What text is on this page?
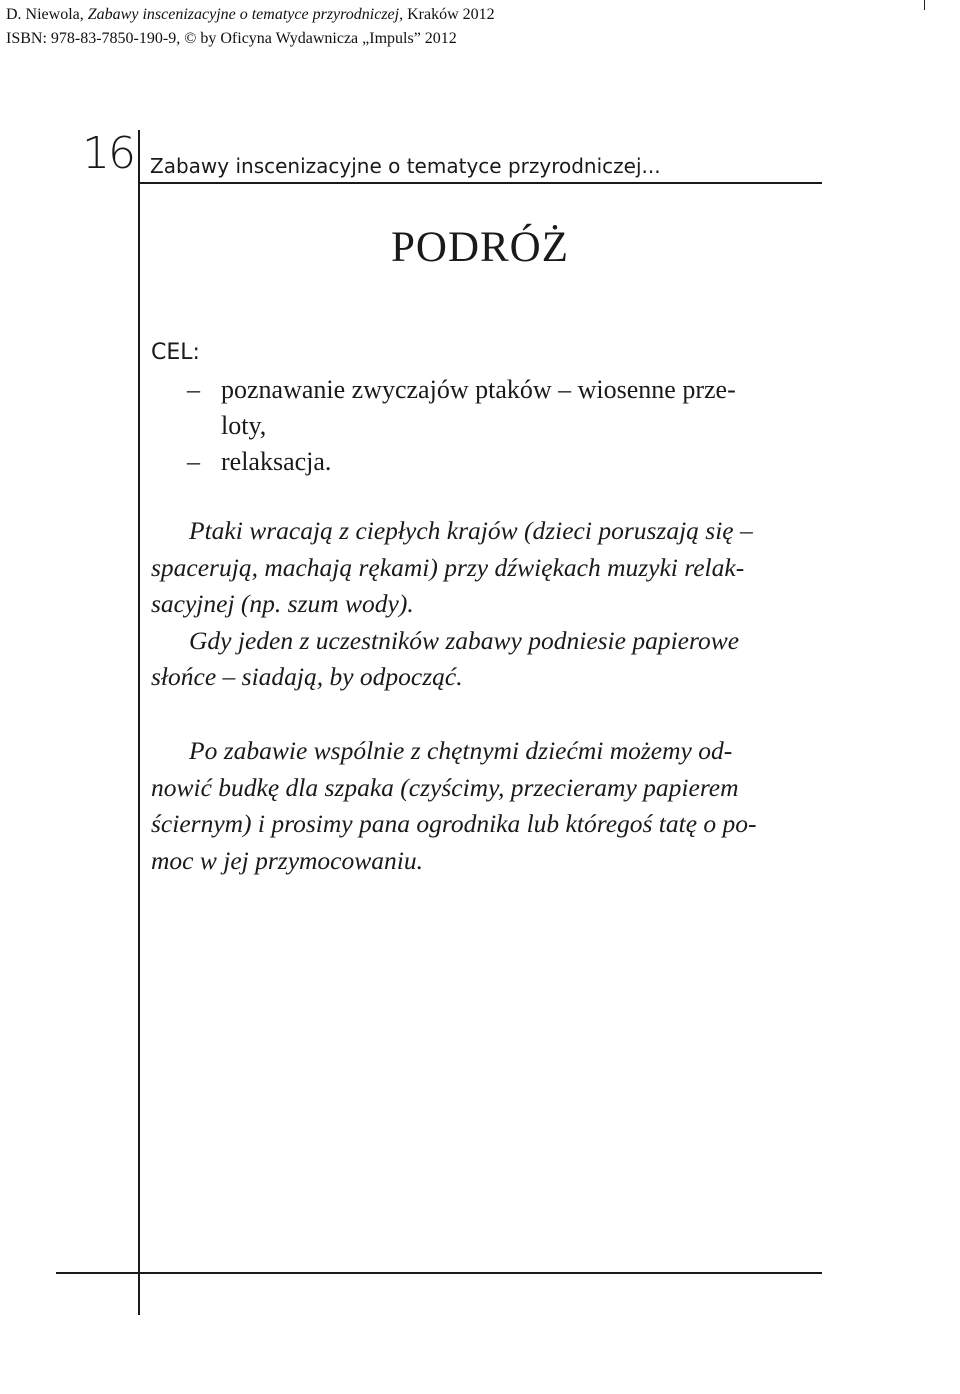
D. Niewola, Zabawy inscenizacyjne o tematyce przyrodniczej, Kraków 2012
ISBN: 978-83-7850-190-9, © by Oficyna Wydawnicza „Impuls” 2012
16 Zabawy inscenizacyjne o tematyce przyrodniczej...
PODRÓŻ
CEL:
– poznawanie zwyczajów ptaków – wiosenne prze-
loty,
– relaksacja.

Ptaki wracają z ciepłych krajów (dzieci poruszają się –
spacerują, machają rękami) przy dźwiękach muzyki relak-
sacyjnej (np. szum wody).
Gdy jeden z uczestników zabawy podniesie papierowe
słońce – siadają, by odpocząć.

Po zabawie wspólnie z chętnymi dziećmi możemy od-
nowić budkę dla szpaka (czyścimy, przecieramy papierem
ściernym) i prosimy pana ogrodnika lub któregoś tatę o po-
moc w jej przymocowaniu.
